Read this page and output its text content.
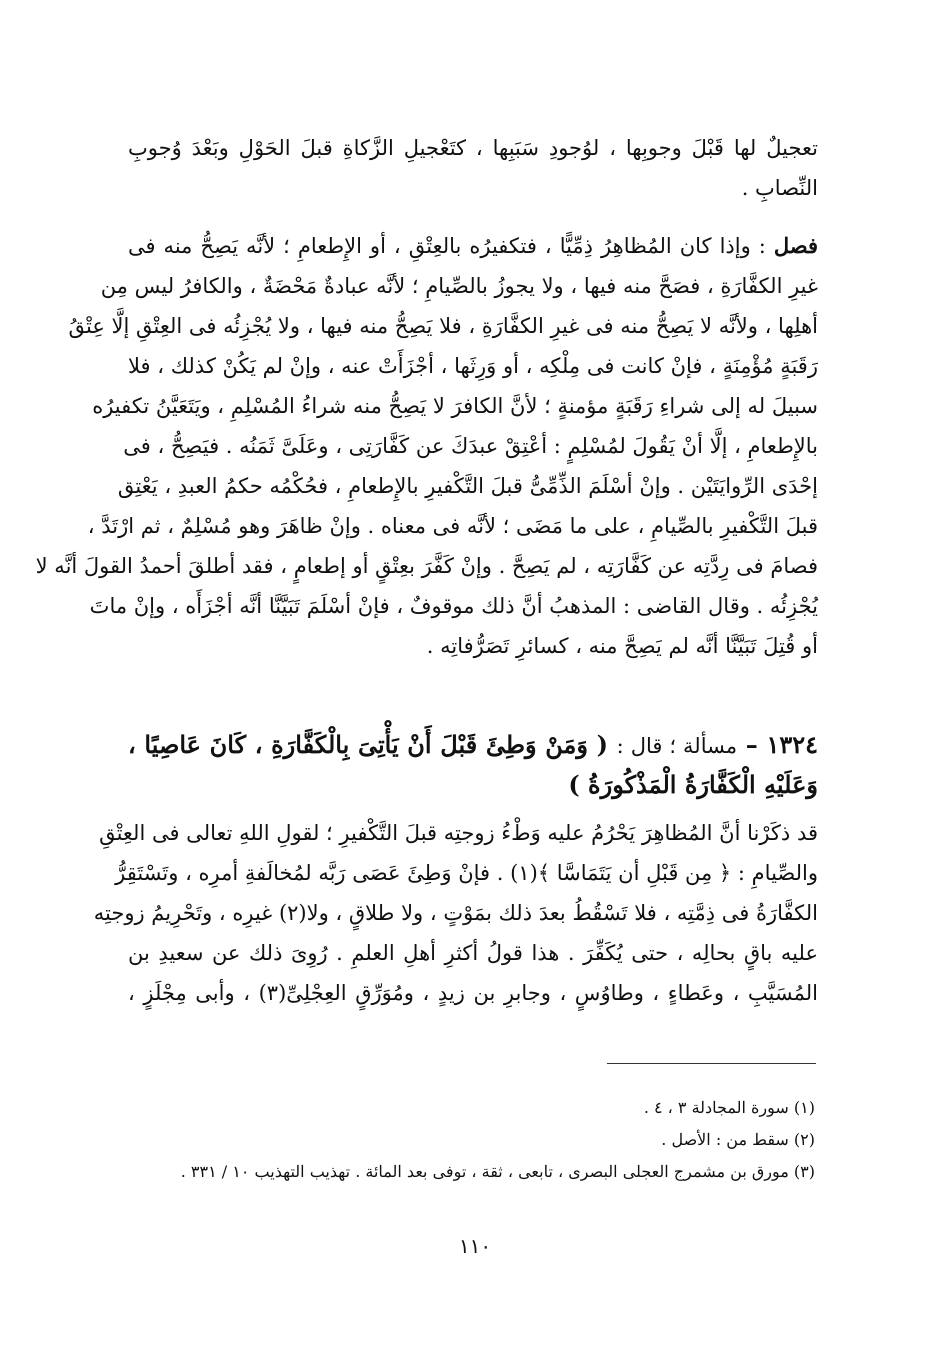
تعجيلٌ لها قَبْلَ وجوبِها ، لوُجودِ سَبَبِها ، كتَعْجيلِ الزَّكاةِ قبلَ الحَوْلِ وبَعْدَ وُجوبِ
النِّصابِ .
فصل : وإذا كان المُظاهِرُ ذِمِّيًّا ، فتكفيرُه بالعِتْقِ ، أو الإِطعامِ ؛ لأنَّه يَصِحُّ منه فى
غيرِ الكفَّارَةِ ، فصَحَّ منه فيها ، ولا يجوزُ بالصِّيامِ ؛ لأنَّه عبادةٌ مَحْضَةٌ ، والكافرُ ليس مِن
أهلِها ، ولأنَّه لا يَصِحُّ منه فى غيرِ الكفَّارَةِ ، فلا يَصِحُّ منه فيها ، ولا يُجْزِئُه فى العِتْقِ إلَّا عِتْقُ
رَقَبَةٍ مُؤْمِنَةٍ ، فإنْ كانت فى مِلْكِه ، أو وَرِثَها ، أجْزَأَتْ عنه ، وإنْ لم يَكُنْ كذلك ، فلا
سبيلَ له إلى شراءِ رَقَبَةٍ مؤمنةٍ ؛ لأنَّ الكافرَ لا يَصِحُّ منه شراءُ المُسْلِمِ ، ويَتَعَيَّنُ تكفيرُه
بالإِطعامِ ، إلَّا أنْ يَقُولَ لمُسْلِمٍ : أعْتِقْ عبدَكَ عن كَفَّارَتِى ، وعَلَىَّ ثَمَنُه . فيَصِحُّ ، فى
إحْدَى الرِّوايَتَيْن . وإنْ أسْلَمَ الذِّمِّىُّ قبلَ التَّكْفيرِ بالإِطعامِ ، فحُكْمُه حكمُ العبدِ ، يَعْتِق
قبلَ التَّكْفيرِ بالصِّيامِ ، على ما مَضَى ؛ لأنَّه فى معناه . وإنْ ظاهَرَ وهو مُسْلِمٌ ، ثم ارْتَدَّ ،
فصامَ فى رِدَّتِه عن كَفَّارَتِه ، لم يَصِحَّ . وإنْ كَفَّرَ بعِتْقٍ أو إطعامٍ ، فقد أطلقَ أحمدُ القولَ أنَّه لا
يُجْزِئُه . وقال القاضى : المذهبُ أنَّ ذلك موقوفٌ ، فإنْ أسْلَمَ تَبَيَّنَّا أنَّه أجْزَأَه ، وإنْ ماتَ
أو قُتِلَ تَبَيَّنَّا أنَّه لم يَصِحَّ منه ، كسائرِ تَصَرُّفاتِه .
١٣٢٤ – مسألة ؛ قال : ( وَمَنْ وَطِئَ قَبْلَ أَنْ يَأْتِىَ بِالْكَفَّارَةِ ، كَانَ عَاصِيًا ،
وَعَلَيْهِ الْكَفَّارَةُ الْمَذْكُورَةُ )
قد ذكَرْنا أنَّ المُظاهِرَ يَحْرُمُ عليه وَطْءُ زوجتِه قبلَ التَّكْفيرِ ؛ لقولِ اللهِ تعالى فى العِتْقِ
والصِّيامِ : ﴿ مِن قَبْلِ أن يَتَمَاسَّا ﴾(١) . فإنْ وَطِئَ عَصَى رَبَّه لمُخالَفةِ أمرِه ، وتَسْتَقِرُّ
الكفَّارَةُ فى ذِمَّتِه ، فلا تَسْقُطُ بعدَ ذلك بمَوْتٍ ، ولا طلاقٍ ، ولا(٢) غيرِه ، وتَحْرِيمُ زوجتِه
عليه باقٍ بحالِه ، حتى يُكَفِّرَ . هذا قولُ أكثرِ أهلِ العلمِ . رُوِىَ ذلك عن سعيدِ بن
المُسَيَّبِ ، وعَطاءٍ ، وطاوُسٍ ، وجابرِ بن زيدٍ ، ومُوَرِّقٍ العِجْلِىِّ(٣) ، وأبى مِجْلَزٍ ،
(١) سورة المجادلة ٣ ، ٤ .
(٢) سقط من : الأصل .
(٣) مورق بن مشمرج العجلى البصرى ، تابعى ، ثقة ، توفى بعد المائة . تهذيب التهذيب ١٠ / ٣٣١ .
١١٠
